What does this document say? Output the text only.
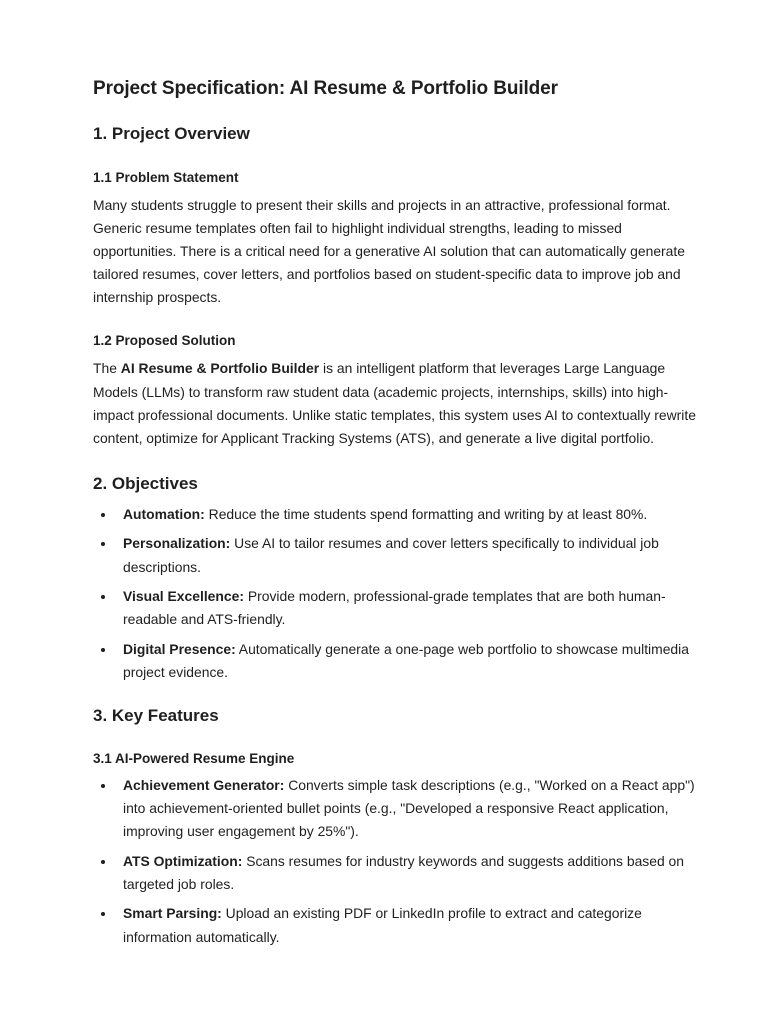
Project Specification: AI Resume & Portfolio Builder
1. Project Overview
1.1 Problem Statement

Many students struggle to present their skills and projects in an attractive, professional format. Generic resume templates often fail to highlight individual strengths, leading to missed opportunities. There is a critical need for a generative AI solution that can automatically generate tailored resumes, cover letters, and portfolios based on student-specific data to improve job and internship prospects.

1.2 Proposed Solution

The AI Resume & Portfolio Builder is an intelligent platform that leverages Large Language Models (LLMs) to transform raw student data (academic projects, internships, skills) into high-impact professional documents. Unlike static templates, this system uses AI to contextually rewrite content, optimize for Applicant Tracking Systems (ATS), and generate a live digital portfolio.

2. Objectives
Automation: Reduce the time students spend formatting and writing by at least 80%.
Personalization: Use AI to tailor resumes and cover letters specifically to individual job descriptions.
Visual Excellence: Provide modern, professional-grade templates that are both human-readable and ATS-friendly.
Digital Presence: Automatically generate a one-page web portfolio to showcase multimedia project evidence.
3. Key Features
3.1 AI-Powered Resume Engine
Achievement Generator: Converts simple task descriptions (e.g., "Worked on a React app") into achievement-oriented bullet points (e.g., "Developed a responsive React application, improving user engagement by 25%").
ATS Optimization: Scans resumes for industry keywords and suggests additions based on targeted job roles.
Smart Parsing: Upload an existing PDF or LinkedIn profile to extract and categorize information automatically.
